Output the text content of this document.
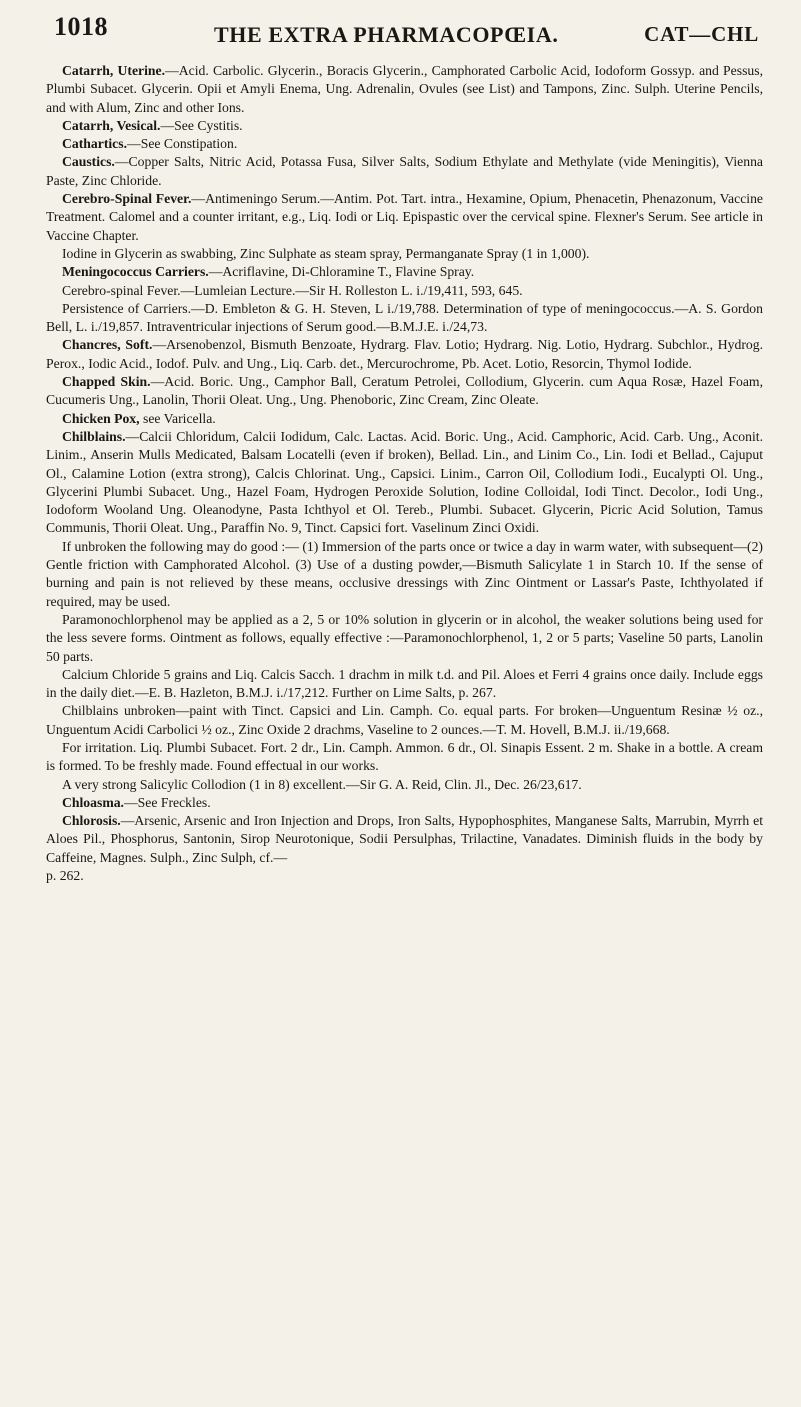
1018	THE EXTRA PHARMACOPŒIA.	CAT—CHL

Catarrh, Uterine.—Acid. Carbolic. Glycerin., Boracis Glycerin., Camphorated Carbolic Acid, Iodoform Gossyp. and Pessus, Plumbi Subacet. Glycerin. Opii et Amyli Enema, Ung. Adrenalin, Ovules (see List) and Tampons, Zinc. Sulph. Uterine Pencils, and with Alum, Zinc and other Ions.

Catarrh, Vesical.—See Cystitis.

Cathartics.—See Constipation.

Caustics.—Copper Salts, Nitric Acid, Potassa Fusa, Silver Salts, Sodium Ethylate and Methylate (vide Meningitis), Vienna Paste, Zinc Chloride.

Cerebro-Spinal Fever.—Antimeningo Serum.—Antim. Pot. Tart. intra., Hexamine, Opium, Phenacetin, Phenazonum, Vaccine Treatment. Calomel and a counter irritant, e.g., Liq. Iodi or Liq. Epispastic over the cervical spine. Flexner's Serum. See article in Vaccine Chapter.

Iodine in Glycerin as swabbing, Zinc Sulphate as steam spray, Permanganate Spray (1 in 1,000).

Meningococcus Carriers.—Acriflavine, Di-Chloramine T., Flavine Spray.

Cerebro-spinal Fever.—Lumleian Lecture.—Sir H. Rolleston L. i./19,411, 593, 645.

Persistence of Carriers.—D. Embleton & G. H. Steven, L i./19,788. Determination of type of meningococcus.—A. S. Gordon Bell, L. i./19,857. Intraventricular injections of Serum good.—B.M.J.E. i./24,73.

Chancres, Soft.—Arsenobenzol, Bismuth Benzoate, Hydrarg. Flav. Lotio; Hydrarg. Nig. Lotio, Hydrarg. Subchlor., Hydrog. Perox., Iodic Acid., Iodof. Pulv. and Ung., Liq. Carb. det., Mercurochrome, Pb. Acet. Lotio, Resorcin, Thymol Iodide.

Chapped Skin.—Acid. Boric. Ung., Camphor Ball, Ceratum Petrolei, Collodium, Glycerin. cum Aqua Rosæ, Hazel Foam, Cucumeris Ung., Lanolin, Thorii Oleat. Ung., Ung. Phenoboric, Zinc Cream, Zinc Oleate.

Chicken Pox, see Varicella.

Chilblains.—Calcii Chloridum, Calcii Iodidum, Calc. Lactas. Acid. Boric. Ung., Acid. Camphoric, Acid. Carb. Ung., Aconit. Linim., Anserin Mulls Medicated, Balsam Locatelli (even if broken), Bellad. Lin., and Linim Co., Lin. Iodi et Bellad., Cajuput Ol., Calamine Lotion (extra strong), Calcis Chlorinat. Ung., Capsici. Linim., Carron Oil, Collodium Iodi., Eucalypti Ol. Ung., Glycerini Plumbi Subacet. Ung., Hazel Foam, Hydrogen Peroxide Solution, Iodine Colloidal, Iodi Tinct. Decolor., Iodi Ung., Iodoform Wooland Ung. Oleanodyne, Pasta Ichthyol et Ol. Tereb., Plumbi. Subacet. Glycerin, Picric Acid Solution, Tamus Communis, Thorii Oleat. Ung., Paraffin No. 9, Tinct. Capsici fort. Vaselinum Zinci Oxidi.

If unbroken the following may do good :— (1) Immersion of the parts once or twice a day in warm water, with subsequent—(2) Gentle friction with Camphorated Alcohol. (3) Use of a dusting powder,—Bismuth Salicylate 1 in Starch 10. If the sense of burning and pain is not relieved by these means, occlusive dressings with Zinc Ointment or Lassar's Paste, Ichthyolated if required, may be used.

Paramonochlorphenol may be applied as a 2, 5 or 10% solution in glycerin or in alcohol, the weaker solutions being used for the less severe forms. Ointment as follows, equally effective :—Paramonochlorphenol, 1, 2 or 5 parts; Vaseline 50 parts, Lanolin 50 parts.

Calcium Chloride 5 grains and Liq. Calcis Sacch. 1 drachm in milk t.d. and Pil. Aloes et Ferri 4 grains once daily. Include eggs in the daily diet.—E. B. Hazleton, B.M.J. i./17,212. Further on Lime Salts, p. 267.

Chilblains unbroken—paint with Tinct. Capsici and Lin. Camph. Co. equal parts. For broken—Unguentum Resinæ ½ oz., Unguentum Acidi Carbolici ½ oz., Zinc Oxide 2 drachms, Vaseline to 2 ounces.—T. M. Hovell, B.M.J. ii./19,668.

For irritation. Liq. Plumbi Subacet. Fort. 2 dr., Lin. Camph. Ammon. 6 dr., Ol. Sinapis Essent. 2 m. Shake in a bottle. A cream is formed. To be freshly made. Found effectual in our works.

A very strong Salicylic Collodion (1 in 8) excellent.—Sir G. A. Reid, Clin. Jl., Dec. 26/23,617.

Chloasma.—See Freckles.

Chlorosis.—Arsenic, Arsenic and Iron Injection and Drops, Iron Salts, Hypophosphites, Manganese Salts, Marrubin, Myrrh et Aloes Pil., Phosphorus, Santonin, Sirop Neurotonique, Sodii Persulphas, Trilactine, Vanadates. Diminish fluids in the body by Caffeine, Magnes. Sulph., Zinc Sulph, cf.—

p. 262.
